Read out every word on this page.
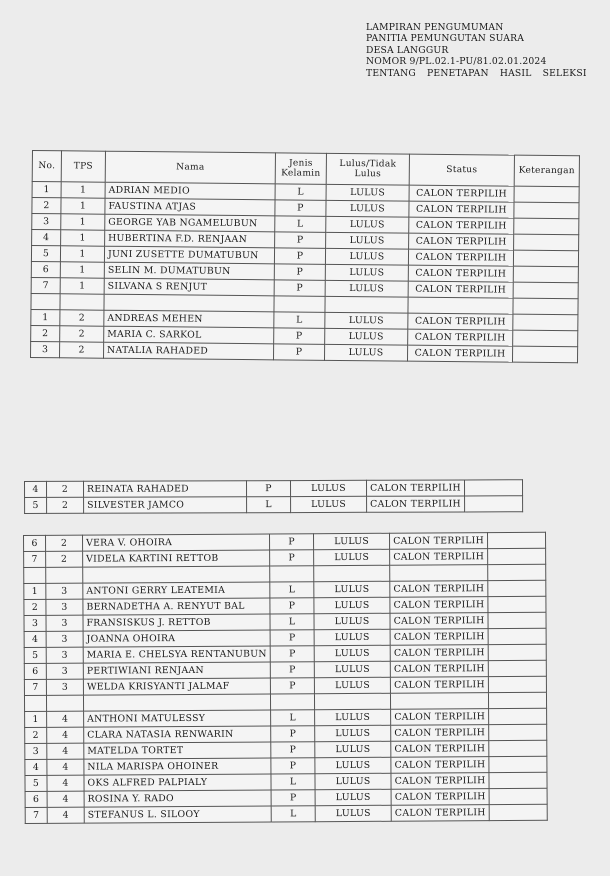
LAMPIRAN PENGUMUMAN
PANITIA PEMUNGUTAN SUARA
DESA LANGGUR
NOMOR 9/PL.02.1-PU/81.02.01.2024
TENTANG PENETAPAN HASIL SELEKSI
No.	TPS	Nama	Jenis Kelamin	Lulus/Tidak Lulus	Status	Keterangan
1	1	ADRIAN MEDIO	L	LULUS	CALON TERPILIH	
2	1	FAUSTINA ATJAS	P	LULUS	CALON TERPILIH	
3	1	GEORGE YAB NGAMELUBUN	L	LULUS	CALON TERPILIH	
4	1	HUBERTINA F.D. RENJAAN	P	LULUS	CALON TERPILIH	
5	1	JUNI ZUSETTE DUMATUBUN	P	LULUS	CALON TERPILIH	
6	1	SELIN M. DUMATUBUN	P	LULUS	CALON TERPILIH	
7	1	SILVANA S RENJUT	P	LULUS	CALON TERPILIH	

1	2	ANDREAS MEHEN	L	LULUS	CALON TERPILIH	
2	2	MARIA C. SARKOL	P	LULUS	CALON TERPILIH	
3	2	NATALIA RAHADED	P	LULUS	CALON TERPILIH	
4	2	REINATA RAHADED	P	LULUS	CALON TERPILIH	
5	2	SILVESTER JAMCO	L	LULUS	CALON TERPILIH	
6	2	VERA V. OHOIRA	P	LULUS	CALON TERPILIH	
7	2	VIDELA KARTINI RETTOB	P	LULUS	CALON TERPILIH	

1	3	ANTONI GERRY LEATEMIA	L	LULUS	CALON TERPILIH	
2	3	BERNADETHA A. RENYUT BAL	P	LULUS	CALON TERPILIH	
3	3	FRANSISKUS J. RETTOB	L	LULUS	CALON TERPILIH	
4	3	JOANNA OHOIRA	P	LULUS	CALON TERPILIH	
5	3	MARIA E. CHELSYA RENTANUBUN	P	LULUS	CALON TERPILIH	
6	3	PERTIWIANI RENJAAN	P	LULUS	CALON TERPILIH	
7	3	WELDA KRISYANTI JALMAF	P	LULUS	CALON TERPILIH	

1	4	ANTHONI MATULESSY	L	LULUS	CALON TERPILIH	
2	4	CLARA NATASIA RENWARIN	P	LULUS	CALON TERPILIH	
3	4	MATELDA TORTET	P	LULUS	CALON TERPILIH	
4	4	NILA MARISPA OHOINER	P	LULUS	CALON TERPILIH	
5	4	OKS ALFRED PALPIALY	L	LULUS	CALON TERPILIH	
6	4	ROSINA Y. RADO	P	LULUS	CALON TERPILIH	
7	4	STEFANUS L. SILOOY	L	LULUS	CALON TERPILIH	
